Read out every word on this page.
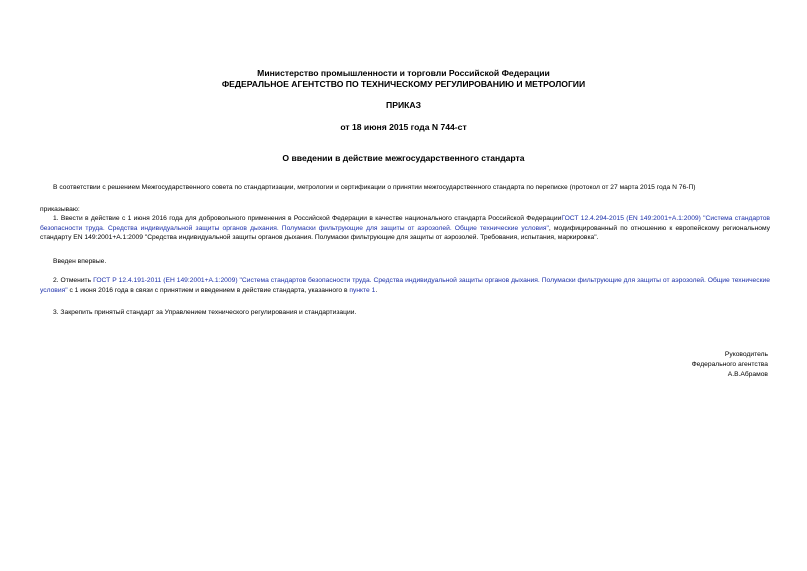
Министерство промышленности и торговли Российской Федерации
ФЕДЕРАЛЬНОЕ АГЕНТСТВО ПО ТЕХНИЧЕСКОМУ РЕГУЛИРОВАНИЮ И МЕТРОЛОГИИ
ПРИКАЗ
от 18 июня 2015 года N 744-ст
О введении в действие межгосударственного стандарта
В соответствии с решением Межгосударственного совета по стандартизации, метрологии и сертификации о принятии межгосударственного стандарта по переписке (протокол от 27 марта 2015 года N 76-П)
приказываю:
1. Ввести в действие с 1 июня 2016 года для добровольного применения в Российской Федерации в качестве национального стандарта Российской ФедерацииГОСТ 12.4.294-2015 (EN 149:2001+A.1:2009) "Система стандартов безопасности труда. Средства индивидуальной защиты органов дыхания. Полумаски фильтрующие для защиты от аэрозолей. Общие технические условия", модифицированный по отношению к европейскому региональному стандарту EN 149:2001+A.1:2009 "Средства индивидуальной защиты органов дыхания. Полумаски фильтрующие для защиты от аэрозолей. Требования, испытания, маркировка".
Введен впервые.
2. Отменить ГОСТ Р 12.4.191-2011 (ЕН 149:2001+A.1:2009) "Система стандартов безопасности труда. Средства индивидуальной защиты органов дыхания. Полумаски фильтрующие для защиты от аэрозолей. Общие технические условия" с 1 июня 2016 года в связи с принятием и введением в действие стандарта, указанного в пункте 1.
3. Закрепить принятый стандарт за Управлением технического регулирования и стандартизации.
Руководитель
Федерального агентства
А.В.Абрамов
